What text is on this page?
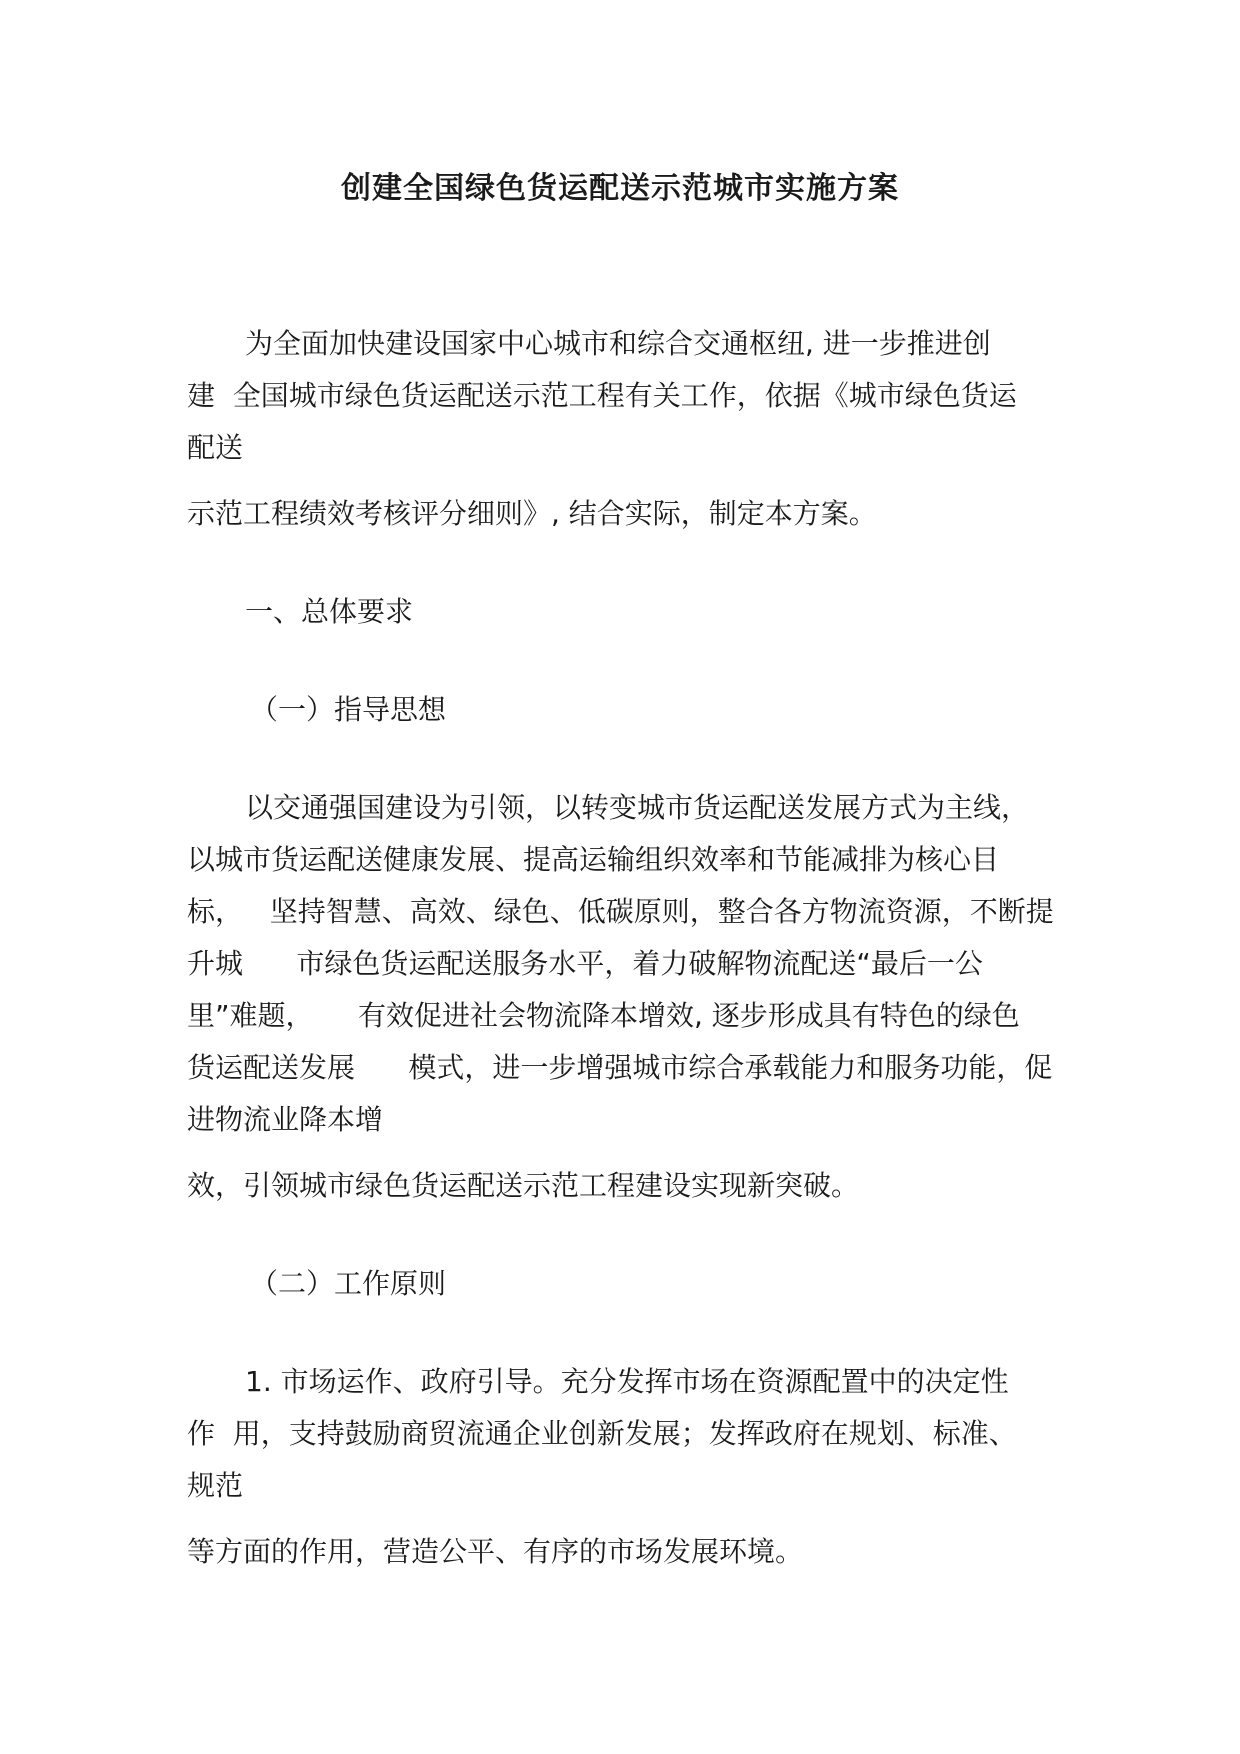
创建全国绿色货运配送示范城市实施方案

为全面加快建设国家中心城市和综合交通枢纽, 进一步推进创

建  全国城市绿色货运配送示范工程有关工作，依据《城市绿色货运

配送

示范工程绩效考核评分细则》, 结合实际，制定本方案。

一、总体要求

（一）指导思想

以交通强国建设为引领，以转变城市货运配送发展方式为主线，

以城市货运配送健康发展、提高运输组织效率和节能减排为核心目

标，   坚持智慧、高效、绿色、低碳原则，整合各方物流资源，不断提

升城      市绿色货运配送服务水平，着力破解物流配送“最后一公

里”难题，     有效促进社会物流降本增效, 逐步形成具有特色的绿色

货运配送发展      模式，进一步增强城市综合承载能力和服务功能，促

进物流业降本增

效，引领城市绿色货运配送示范工程建设实现新突破。

（二）工作原则

1. 市场运作、政府引导。充分发挥市场在资源配置中的决定性

作  用，支持鼓励商贸流通企业创新发展；发挥政府在规划、标准、

规范

等方面的作用，营造公平、有序的市场发展环境。
